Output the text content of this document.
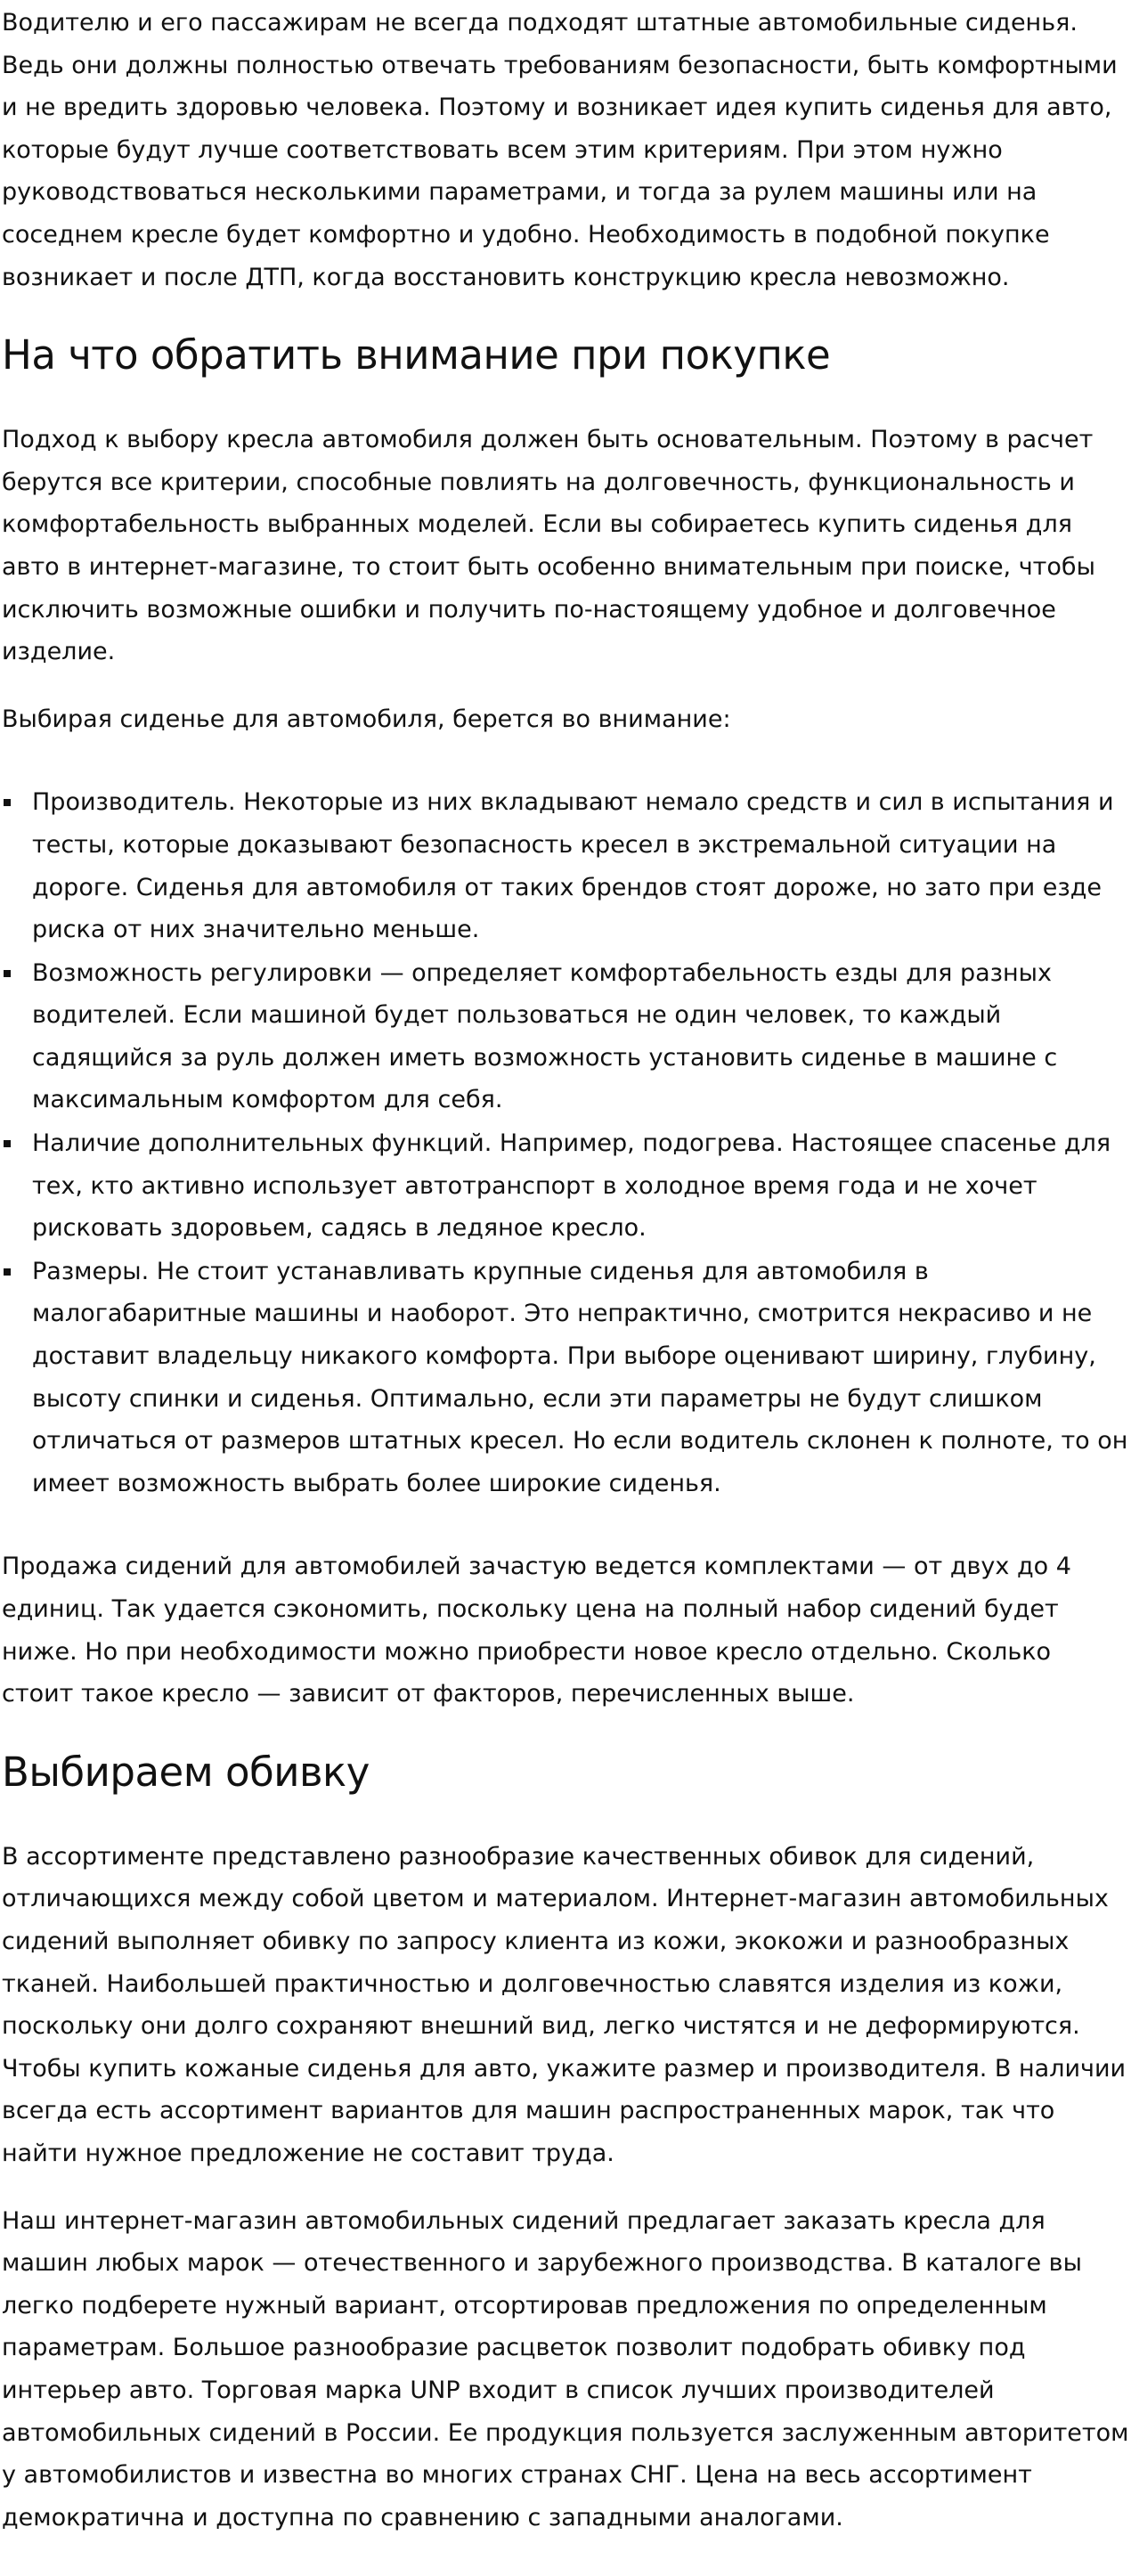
Водителю и его пассажирам не всегда подходят штатные автомобильные сиденья. Ведь они должны полностью отвечать требованиям безопасности, быть комфортными и не вредить здоровью человека. Поэтому и возникает идея купить сиденья для авто, которые будут лучше соответствовать всем этим критериям. При этом нужно руководствоваться несколькими параметрами, и тогда за рулем машины или на соседнем кресле будет комфортно и удобно. Необходимость в подобной покупке возникает и после ДТП, когда восстановить конструкцию кресла невозможно.

На что обратить внимание при покупке

Подход к выбору кресла автомобиля должен быть основательным. Поэтому в расчет берутся все критерии, способные повлиять на долговечность, функциональность и комфортабельность выбранных моделей. Если вы собираетесь купить сиденья для авто в интернет-магазине, то стоит быть особенно внимательным при поиске, чтобы исключить возможные ошибки и получить по-настоящему удобное и долговечное изделие.

Выбирая сиденье для автомобиля, берется во внимание:

Производитель. Некоторые из них вкладывают немало средств и сил в испытания и тесты, которые доказывают безопасность кресел в экстремальной ситуации на дороге. Сиденья для автомобиля от таких брендов стоят дороже, но зато при езде риска от них значительно меньше.
Возможность регулировки — определяет комфортабельность езды для разных водителей. Если машиной будет пользоваться не один человек, то каждый садящийся за руль должен иметь возможность установить сиденье в машине с максимальным комфортом для себя.
Наличие дополнительных функций. Например, подогрева. Настоящее спасенье для тех, кто активно использует автотранспорт в холодное время года и не хочет рисковать здоровьем, садясь в ледяное кресло.
Размеры. Не стоит устанавливать крупные сиденья для автомобиля в малогабаритные машины и наоборот. Это непрактично, смотрится некрасиво и не доставит владельцу никакого комфорта. При выборе оценивают ширину, глубину, высоту спинки и сиденья. Оптимально, если эти параметры не будут слишком отличаться от размеров штатных кресел. Но если водитель склонен к полноте, то он имеет возможность выбрать более широкие сиденья.

Продажа сидений для автомобилей зачастую ведется комплектами — от двух до 4 единиц. Так удается сэкономить, поскольку цена на полный набор сидений будет ниже. Но при необходимости можно приобрести новое кресло отдельно. Сколько стоит такое кресло — зависит от факторов, перечисленных выше.

Выбираем обивку

В ассортименте представлено разнообразие качественных обивок для сидений, отличающихся между собой цветом и материалом. Интернет-магазин автомобильных сидений выполняет обивку по запросу клиента из кожи, экокожи и разнообразных тканей. Наибольшей практичностью и долговечностью славятся изделия из кожи, поскольку они долго сохраняют внешний вид, легко чистятся и не деформируются. Чтобы купить кожаные сиденья для авто, укажите размер и производителя. В наличии всегда есть ассортимент вариантов для машин распространенных марок, так что найти нужное предложение не составит труда.

Наш интернет-магазин автомобильных сидений предлагает заказать кресла для машин любых марок — отечественного и зарубежного производства. В каталоге вы легко подберете нужный вариант, отсортировав предложения по определенным параметрам. Большое разнообразие расцветок позволит подобрать обивку под интерьер авто. Торговая марка UNP входит в список лучших производителей автомобильных сидений в России. Ее продукция пользуется заслуженным авторитетом у автомобилистов и известна во многих странах СНГ. Цена на весь ассортимент демократична и доступна по сравнению с западными аналогами.
